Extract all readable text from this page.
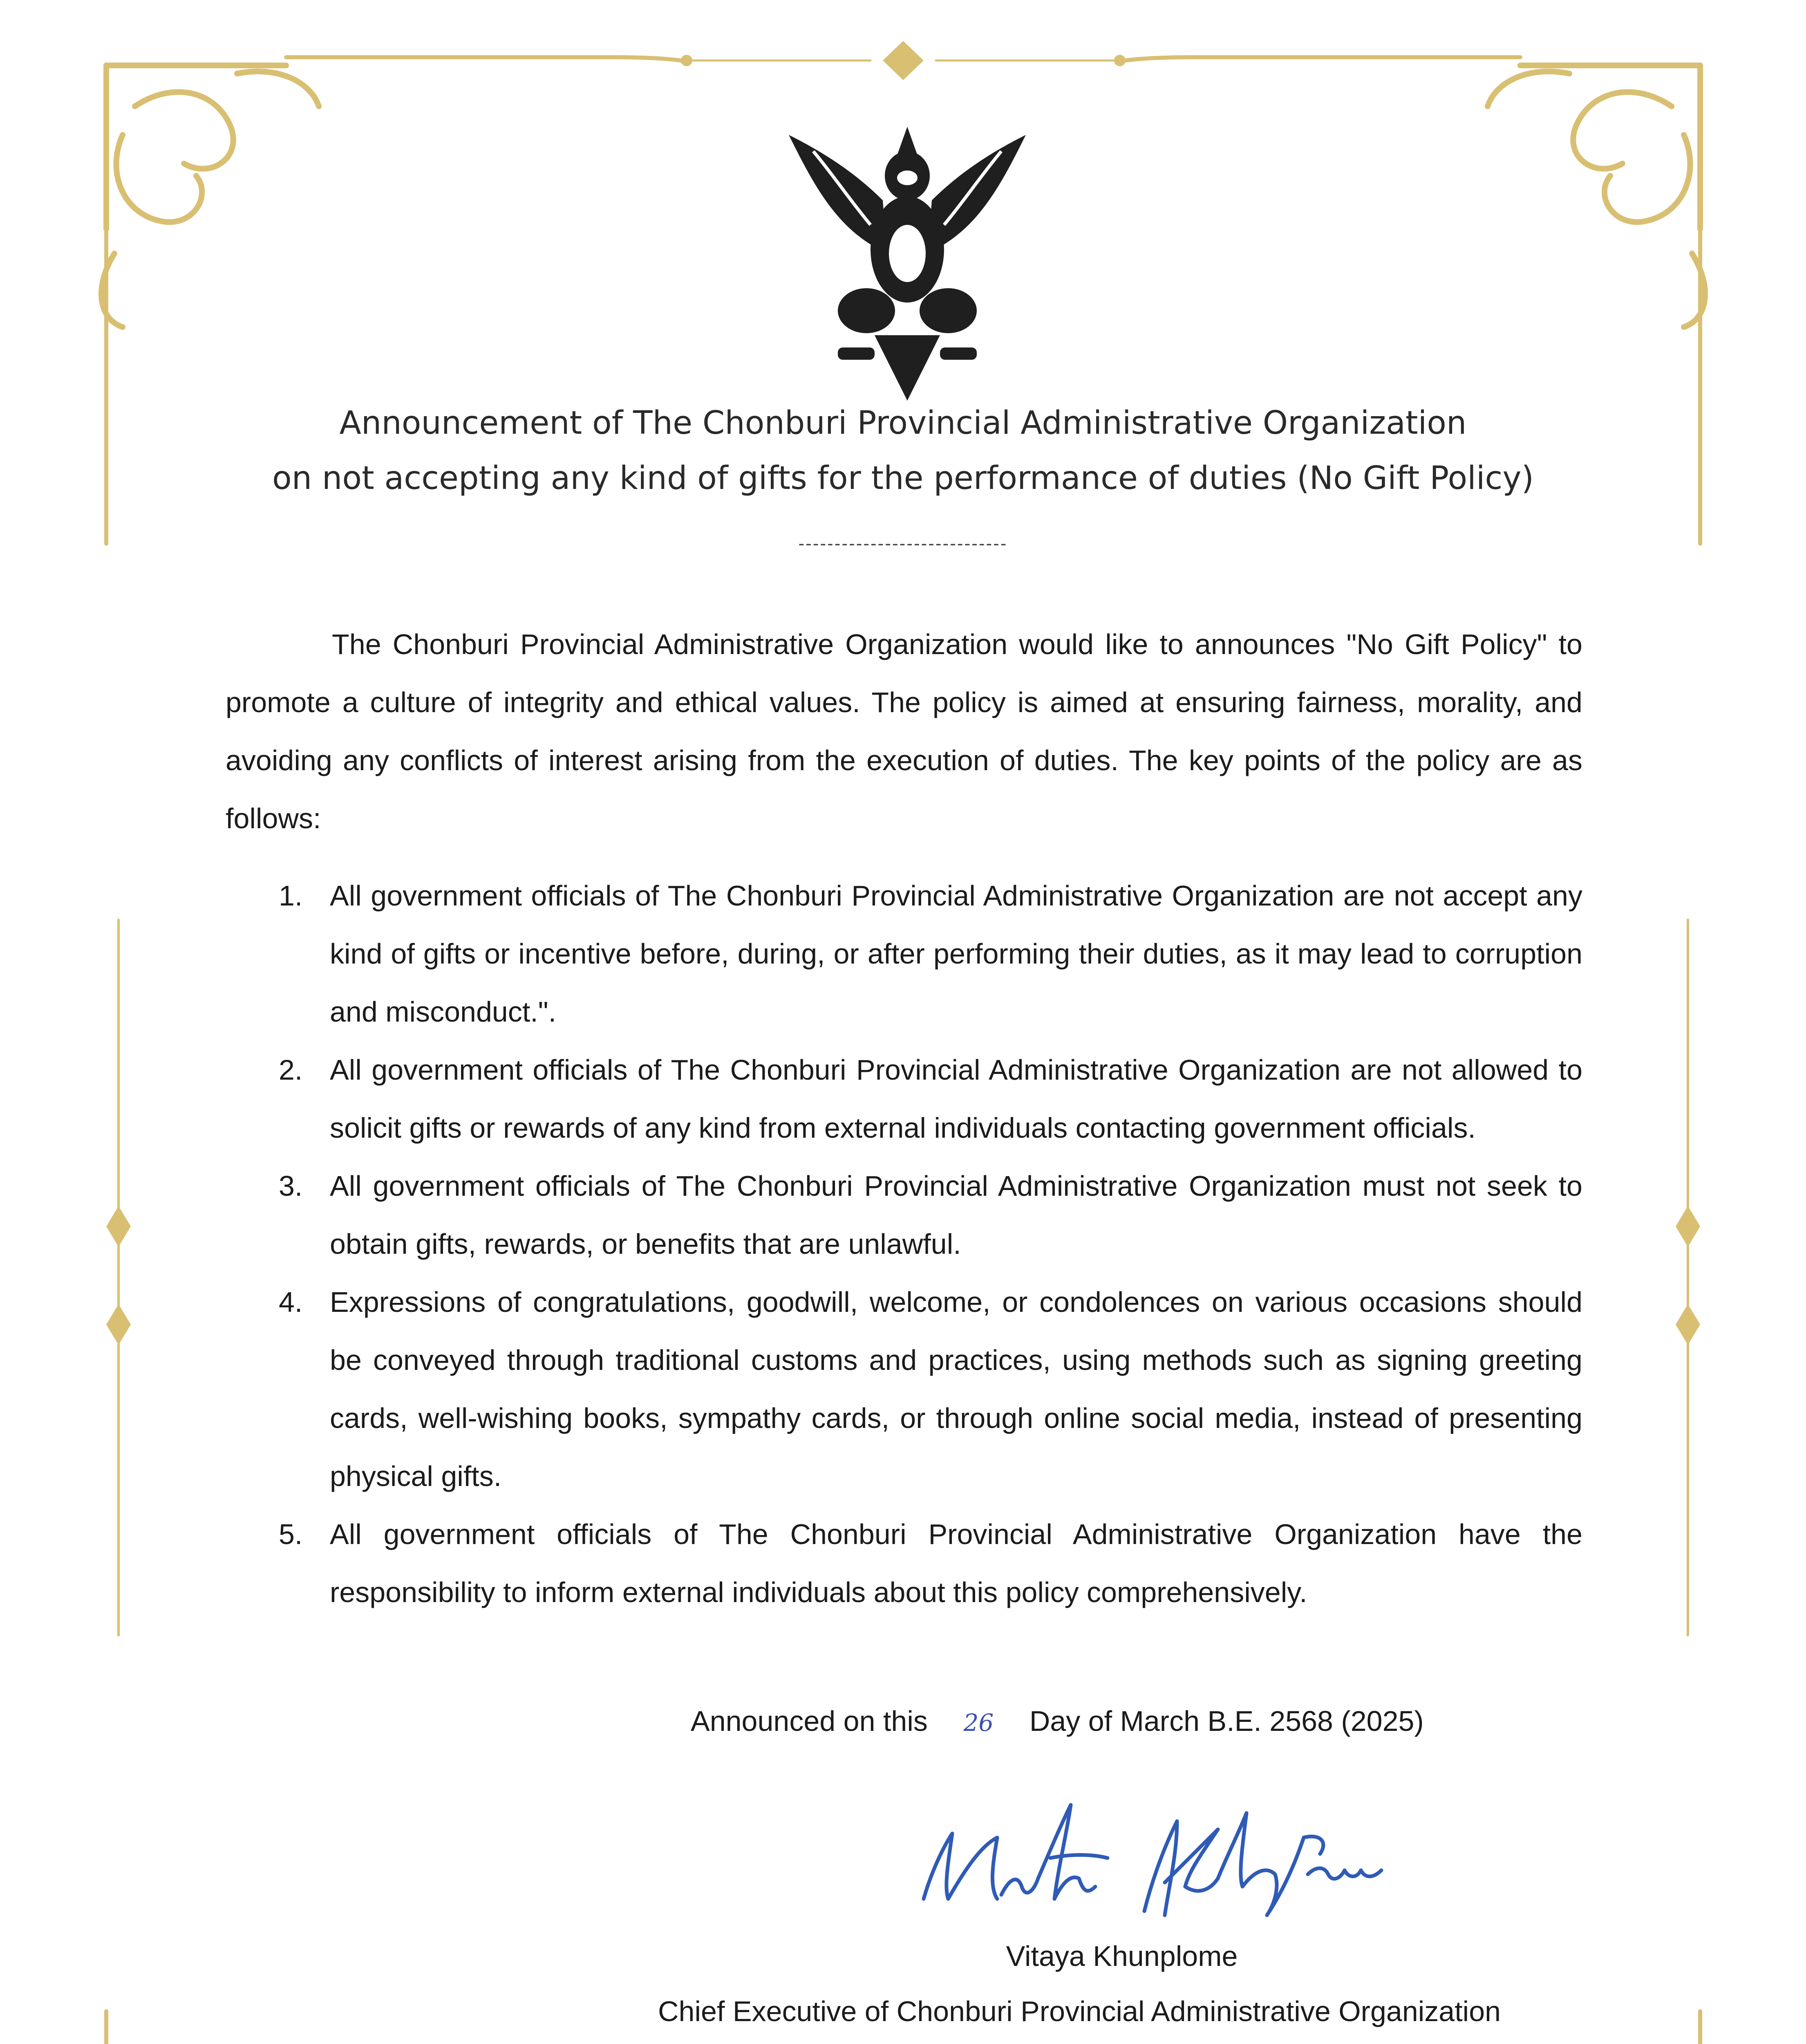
Announcement of The Chonburi Provincial Administrative Organization
on not accepting any kind of gifts for the performance of duties (No Gift Policy)
-----------------------------
The Chonburi Provincial Administrative Organization would like to announces "No Gift Policy" to promote a culture of integrity and ethical values. The policy is aimed at ensuring fairness, morality, and avoiding any conflicts of interest arising from the execution of duties. The key points of the policy are as follows:
1. All government officials of The Chonburi Provincial Administrative Organization are not accept any kind of gifts or incentive before, during, or after performing their duties, as it may lead to corruption and misconduct.".
2. All government officials of The Chonburi Provincial Administrative Organization are not allowed to solicit gifts or rewards of any kind from external individuals contacting government officials.
3. All government officials of The Chonburi Provincial Administrative Organization must not seek to obtain gifts, rewards, or benefits that are unlawful.
4. Expressions of congratulations, goodwill, welcome, or condolences on various occasions should be conveyed through traditional customs and practices, using methods such as signing greeting cards, well-wishing books, sympathy cards, or through online social media, instead of presenting physical gifts.
5. All government officials of The Chonburi Provincial Administrative Organization have the responsibility to inform external individuals about this policy comprehensively.
Announced on this 26 Day of March B.E. 2568 (2025)
Vitaya Khunplome
Chief Executive of Chonburi Provincial Administrative Organization
